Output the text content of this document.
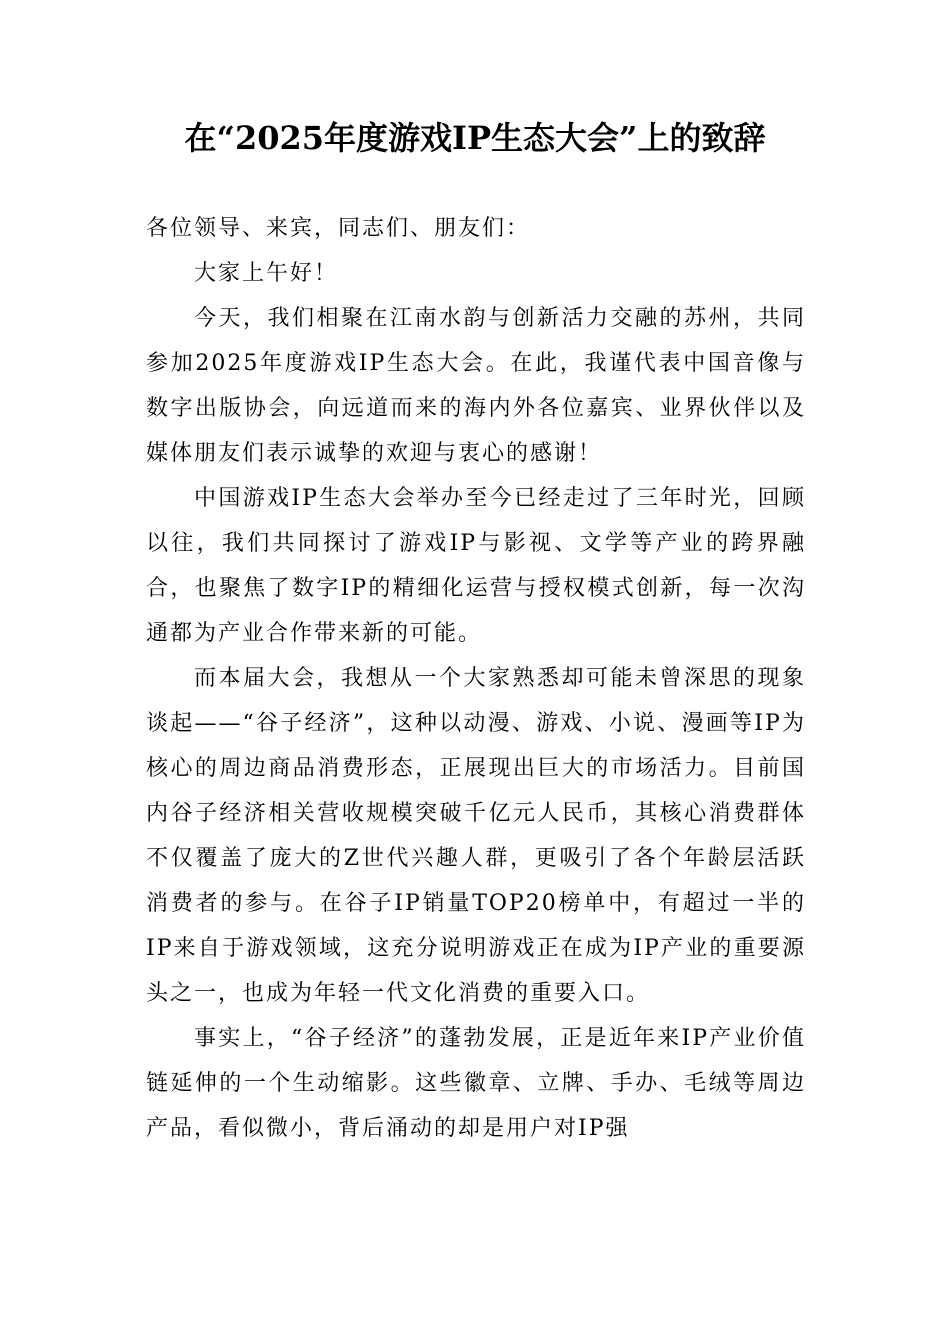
在“2025年度游戏IP生态大会”上的致辞

各位领导、来宾，同志们、朋友们：

大家上午好！

今天，我们相聚在江南水韵与创新活力交融的苏州，共同参加2025年度游戏IP生态大会。在此，我谨代表中国音像与数字出版协会，向远道而来的海内外各位嘉宾、业界伙伴以及媒体朋友们表示诚挚的欢迎与衷心的感谢！

中国游戏IP生态大会举办至今已经走过了三年时光，回顾以往，我们共同探讨了游戏IP与影视、文学等产业的跨界融合，也聚焦了数字IP的精细化运营与授权模式创新，每一次沟通都为产业合作带来新的可能。

而本届大会，我想从一个大家熟悉却可能未曾深思的现象谈起——“谷子经济”，这种以动漫、游戏、小说、漫画等IP为核心的周边商品消费形态，正展现出巨大的市场活力。目前国内谷子经济相关营收规模突破千亿元人民币，其核心消费群体不仅覆盖了庞大的Z世代兴趣人群，更吸引了各个年龄层活跃消费者的参与。在谷子IP销量TOP20榜单中，有超过一半的IP来自于游戏领域，这充分说明游戏正在成为IP产业的重要源头之一，也成为年轻一代文化消费的重要入口。

事实上，“谷子经济”的蓬勃发展，正是近年来IP产业价值链延伸的一个生动缩影。这些徽章、立牌、手办、毛绒等周边产品，看似微小，背后涌动的却是用户对IP强
